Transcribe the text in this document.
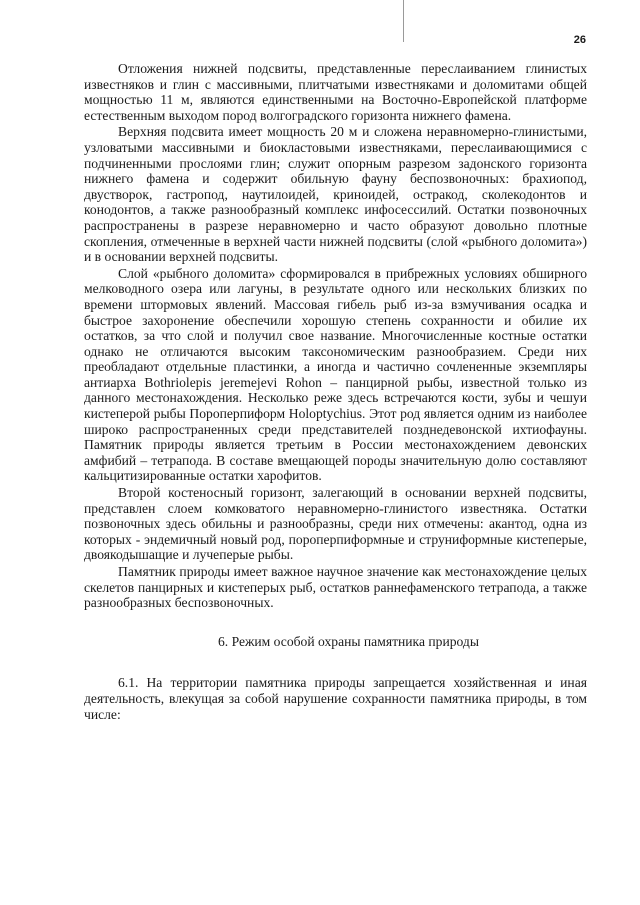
26

Отложения нижней подсвиты, представленные переслаиванием глинистых известняков и глин с массивными, плитчатыми известняками и доломитами общей мощностью 11 м, являются единственными на Восточно-Европейской платформе естественным выходом пород волгоградского горизонта нижнего фамена.

Верхняя подсвита имеет мощность 20 м и сложена неравномерно-глинистыми, узловатыми массивными и биокластовыми известняками, переслаивающимися с подчиненными прослоями глин; служит опорным разрезом задонского горизонта нижнего фамена и содержит обильную фауну беспозвоночных: брахиопод, двустворок, гастропод, наутилоидей, криноидей, остракод, сколекодонтов и конодонтов, а также разнообразный комплекс инфосессилий. Остатки позвоночных распространены в разрезе неравномерно и часто образуют довольно плотные скопления, отмеченные в верхней части нижней подсвиты (слой «рыбного доломита») и в основании верхней подсвиты.

Слой «рыбного доломита» сформировался в прибрежных условиях обширного мелководного озера или лагуны, в результате одного или нескольких близких по времени штормовых явлений. Массовая гибель рыб из-за взмучивания осадка и быстрое захоронение обеспечили хорошую степень сохранности и обилие их остатков, за что слой и получил свое название. Многочисленные костные остатки однако не отличаются высоким таксономическим разнообразием. Среди них преобладают отдельные пластинки, а иногда и частично сочлененные экземпляры антиарха Bothriolepis jeremejevi Rohon – панцирной рыбы, известной только из данного местонахождения. Несколько реже здесь встречаются кости, зубы и чешуи кистеперой рыбы Пороперпиформ Holoptychius. Этот род является одним из наиболее широко распространенных среди представителей позднедевонской ихтиофауны. Памятник природы является третьим в России местонахождением девонских амфибий – тетрапода. В составе вмещающей породы значительную долю составляют кальцитизированные остатки харофитов.

Второй костеносный горизонт, залегающий в основании верхней подсвиты, представлен слоем комковатого неравномерно-глинистого известняка. Остатки позвоночных здесь обильны и разнообразны, среди них отмечены: акантод, одна из которых - эндемичный новый род, пороперпиформные и струниформные кистеперые, двоякодышащие и лучеперые рыбы.

Памятник природы имеет важное научное значение как местонахождение целых скелетов панцирных и кистеперых рыб, остатков раннефаменского тетрапода, а также разнообразных беспозвоночных.

6. Режим особой охраны памятника природы

6.1. На территории памятника природы запрещается хозяйственная и иная деятельность, влекущая за собой нарушение сохранности памятника природы, в том числе:
